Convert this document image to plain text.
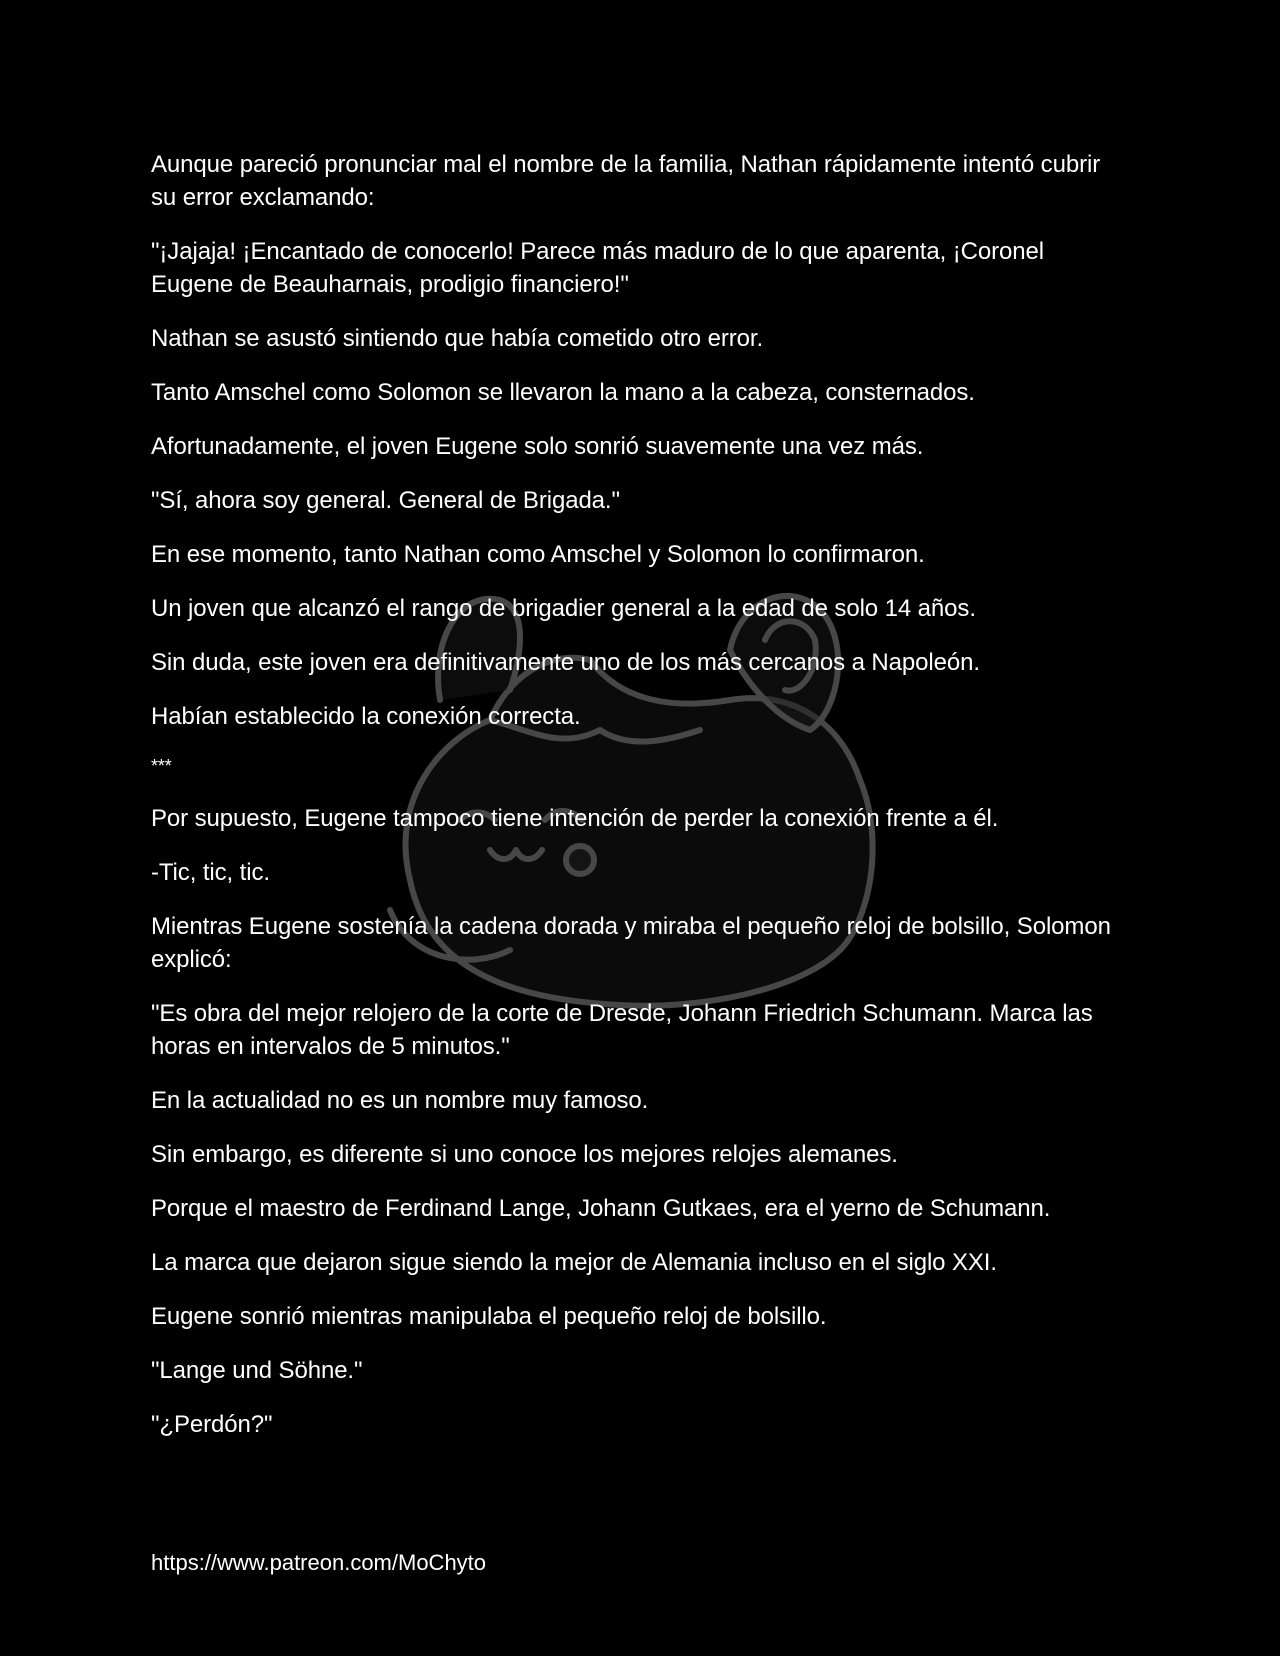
Aunque pareció pronunciar mal el nombre de la familia, Nathan rápidamente intentó cubrir su error exclamando:

"¡Jajaja! ¡Encantado de conocerlo! Parece más maduro de lo que aparenta, ¡Coronel Eugene de Beauharnais, prodigio financiero!"

Nathan se asustó sintiendo que había cometido otro error.

Tanto Amschel como Solomon se llevaron la mano a la cabeza, consternados.

Afortunadamente, el joven Eugene solo sonrió suavemente una vez más.

"Sí, ahora soy general. General de Brigada."

En ese momento, tanto Nathan como Amschel y Solomon lo confirmaron.

Un joven que alcanzó el rango de brigadier general a la edad de solo 14 años.

Sin duda, este joven era definitivamente uno de los más cercanos a Napoleón.

Habían establecido la conexión correcta.

***

Por supuesto, Eugene tampoco tiene intención de perder la conexión frente a él.

-Tic, tic, tic.

Mientras Eugene sostenía la cadena dorada y miraba el pequeño reloj de bolsillo, Solomon explicó:

"Es obra del mejor relojero de la corte de Dresde, Johann Friedrich Schumann. Marca las horas en intervalos de 5 minutos."

En la actualidad no es un nombre muy famoso.

Sin embargo, es diferente si uno conoce los mejores relojes alemanes.

Porque el maestro de Ferdinand Lange, Johann Gutkaes, era el yerno de Schumann.

La marca que dejaron sigue siendo la mejor de Alemania incluso en el siglo XXI.

Eugene sonrió mientras manipulaba el pequeño reloj de bolsillo.

"Lange und Söhne."

"¿Perdón?"

https://www.patreon.com/MoChyto
